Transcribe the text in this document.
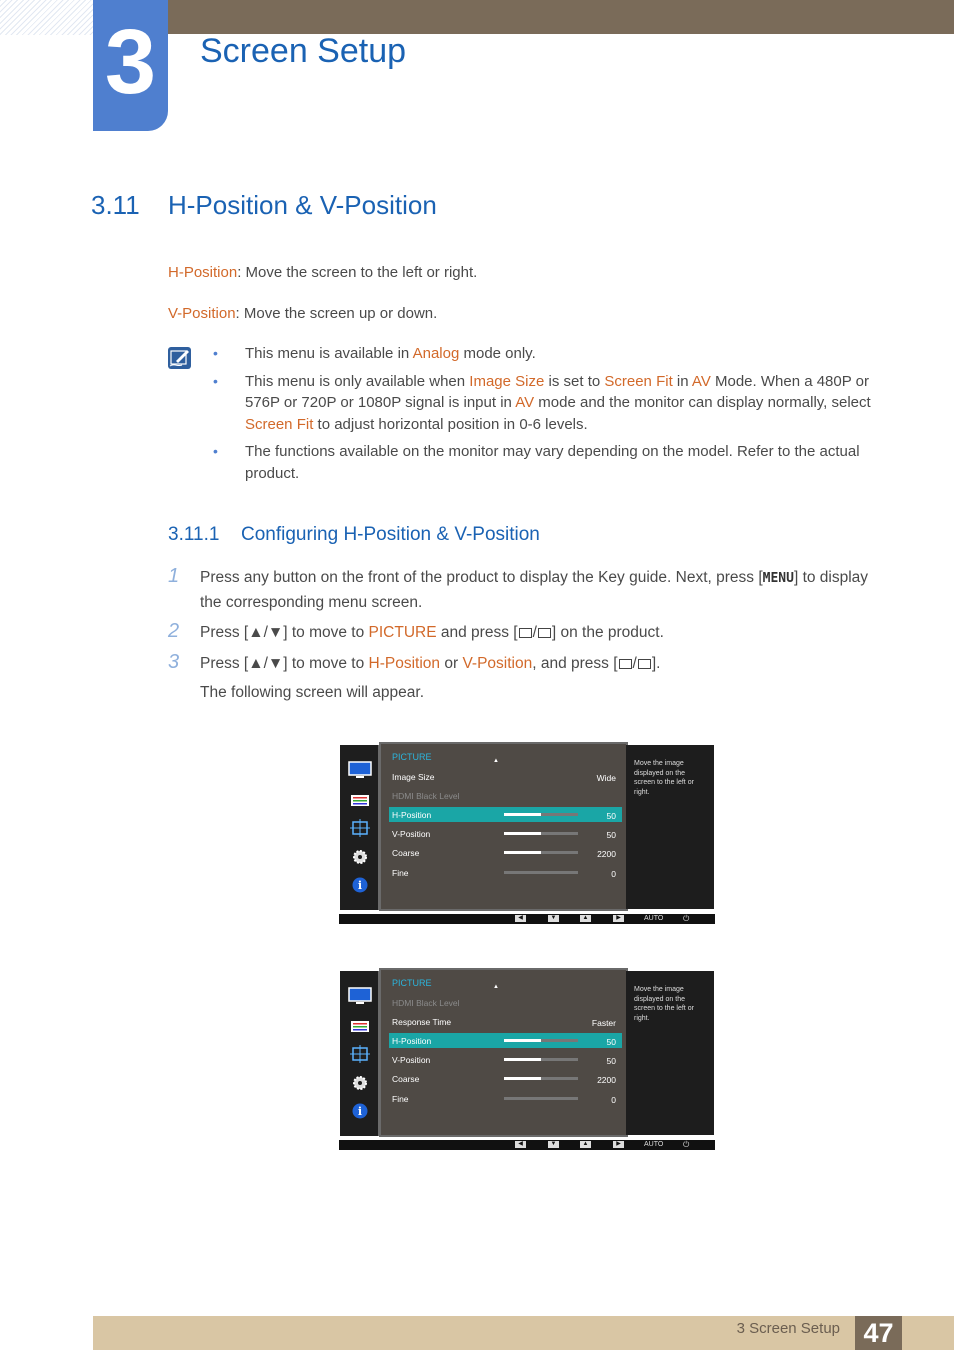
3	Screen Setup
3.11 H-Position & V-Position
H-Position: Move the screen to the left or right.
V-Position: Move the screen up or down.
• This menu is available in Analog mode only.
• This menu is only available when Image Size is set to Screen Fit in AV Mode. When a 480P or 576P or 720P or 1080P signal is input in AV mode and the monitor can display normally, select Screen Fit to adjust horizontal position in 0-6 levels.
• The functions available on the monitor may vary depending on the model. Refer to the actual product.
3.11.1 Configuring H-Position & V-Position
1 Press any button on the front of the product to display the Key guide. Next, press [MENU] to display the corresponding menu screen.
2 Press [▲/▼] to move to PICTURE and press [ / ] on the product.
3 Press [▲/▼] to move to H-Position or V-Position, and press [ / ].
The following screen will appear.
i
PICTURE	▲
Image Size	Wide
HDMI Black Level
H-Position	50
V-Position	50
Coarse	2200
Fine	0
Move the image displayed on the screen to the left or right.
◀	▼	▲	▶	AUTO ⏻
i
PICTURE	▲
HDMI Black Level
Response Time	Faster
H-Position	50
V-Position	50
Coarse	2200
Fine	0
Move the image displayed on the screen to the left or right.
◀	▼	▲	▶	AUTO ⏻
3 Screen Setup 47
